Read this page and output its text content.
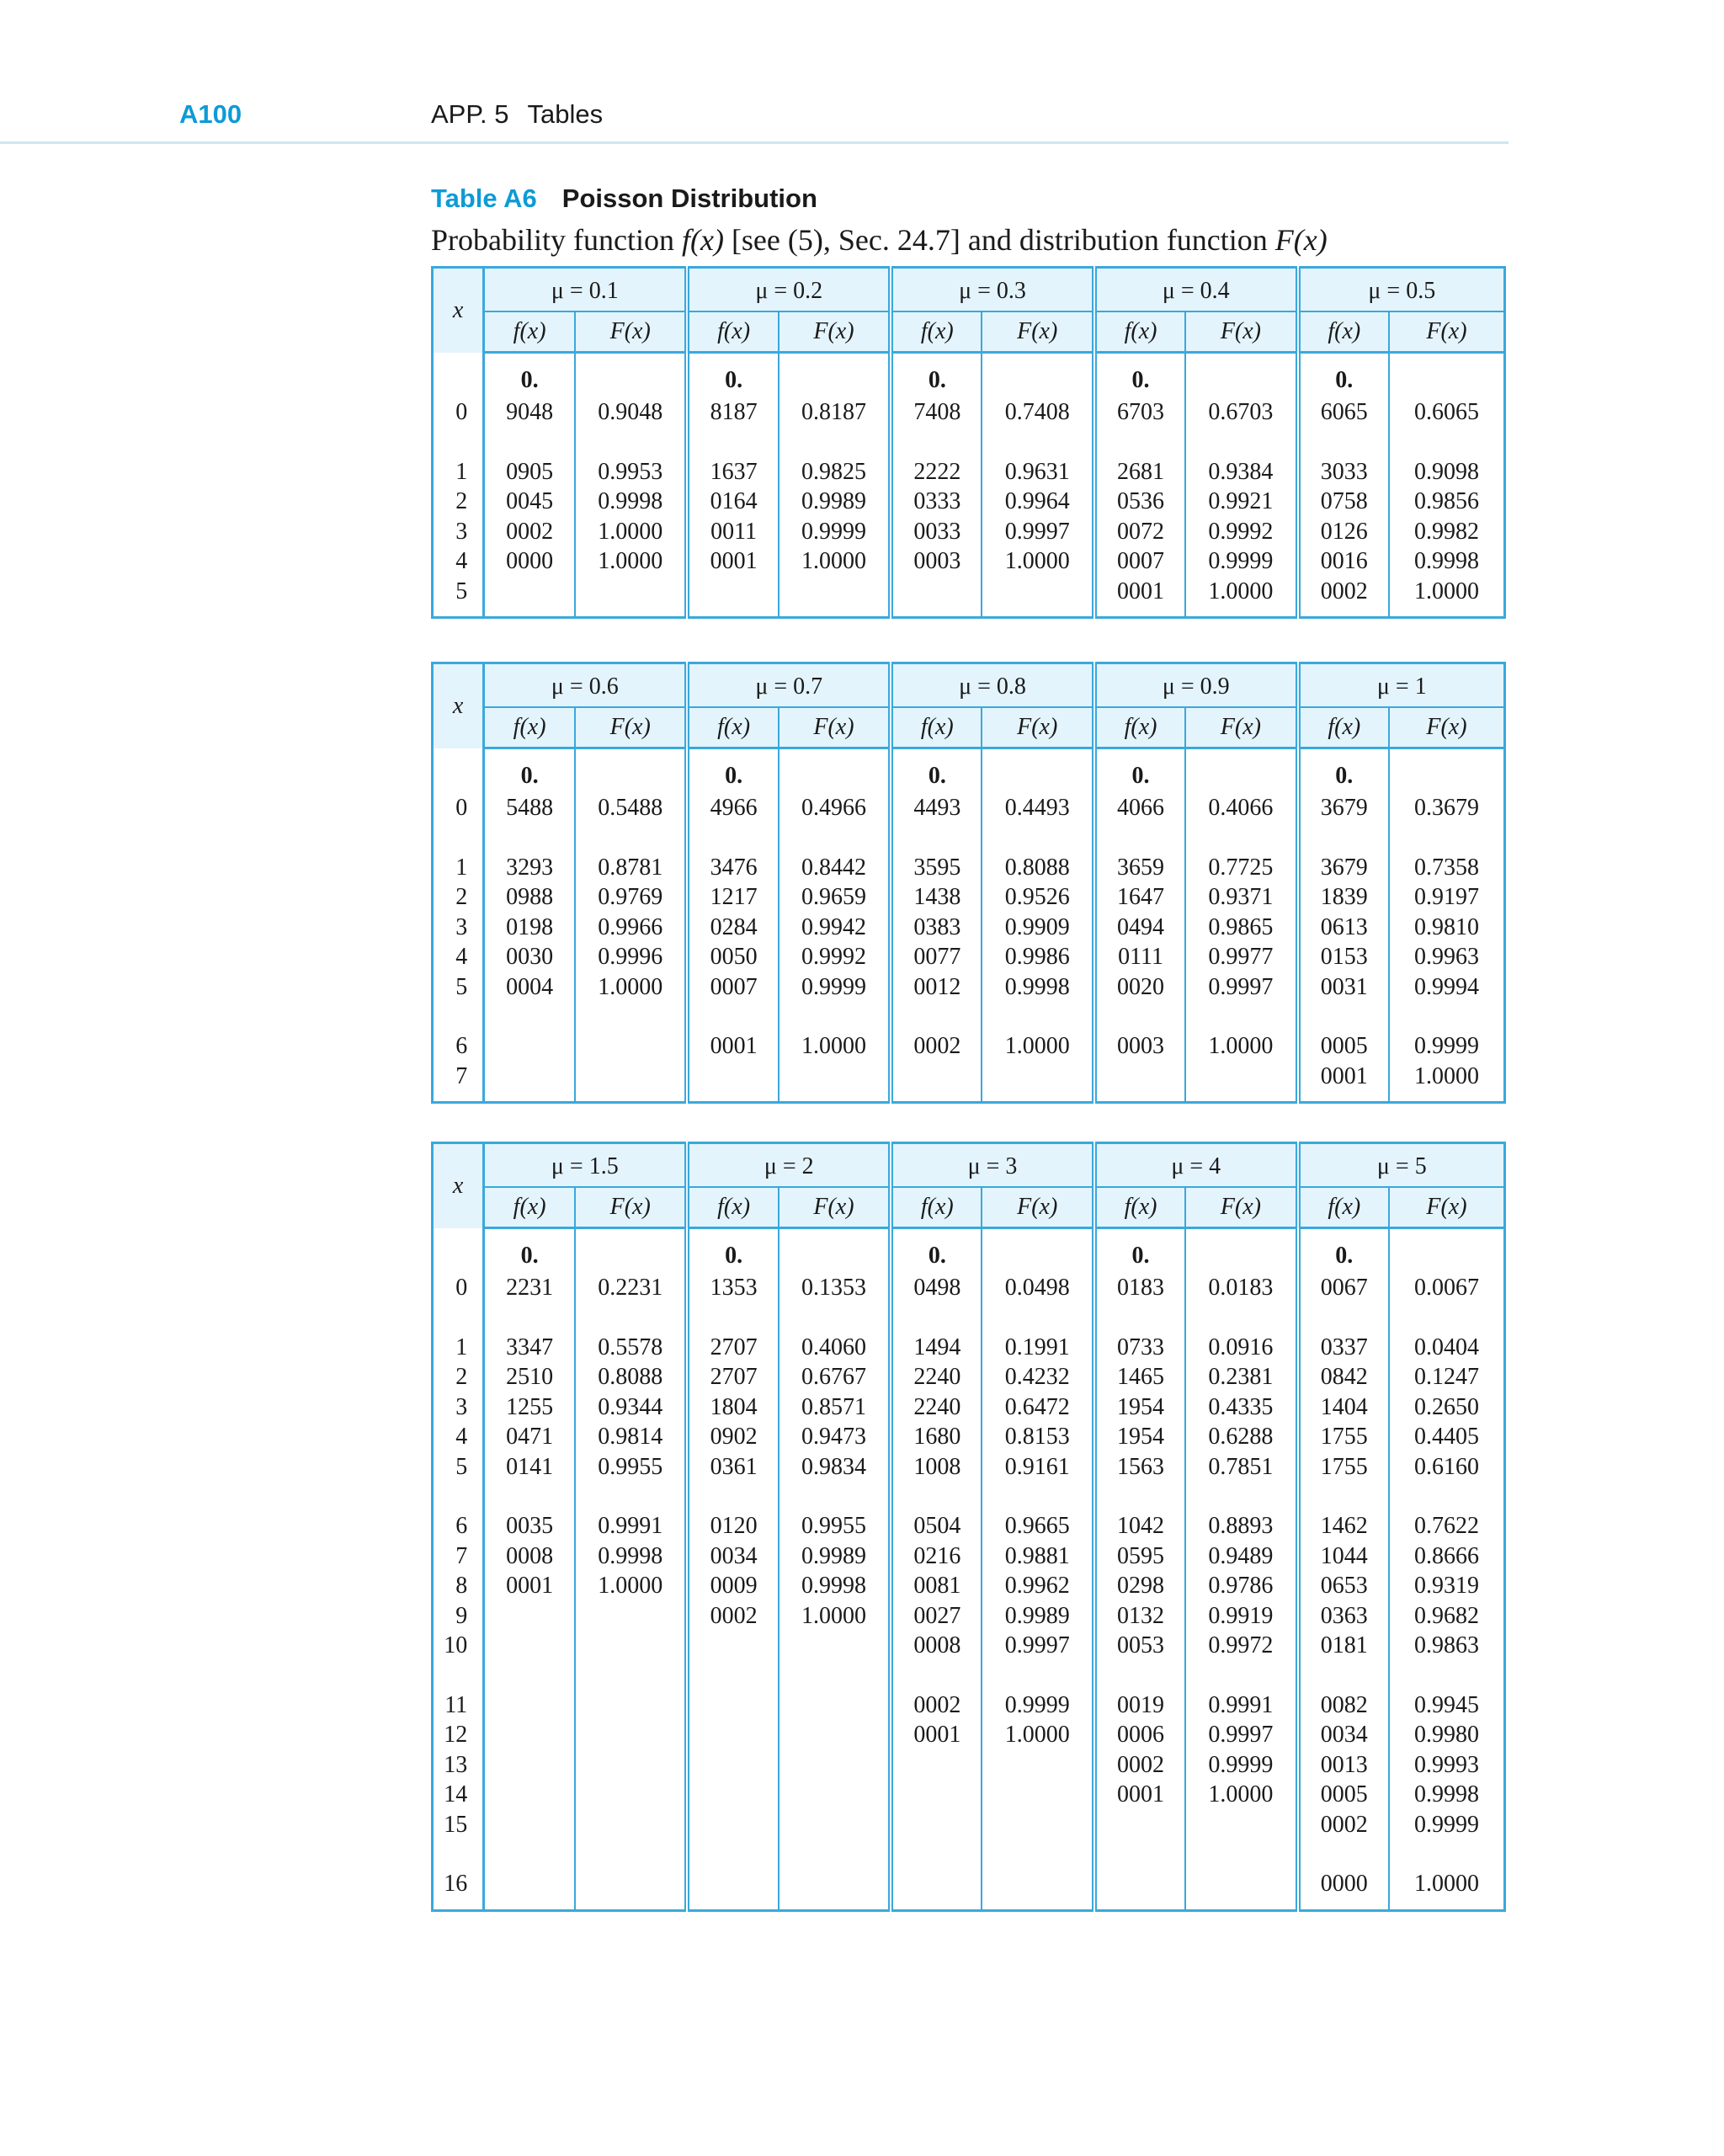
A100	APP. 5 Tables
Table A6 Poisson Distribution
Probability function f(x) [see (5), Sec. 24.7] and distribution function F(x)
x	μ = 0.1		μ = 0.2		μ = 0.3		μ = 0.4		μ = 0.5	
	f(x)	F(x)	f(x)	F(x)	f(x)	F(x)	f(x)	F(x)	f(x)	F(x)

	0.		0.		0.		0.		0.	
0	9048	0.9048	8187	0.8187	7408	0.7408	6703	0.6703	6065	0.6065

1	0905	0.9953	1637	0.9825	2222	0.9631	2681	0.9384	3033	0.9098
2	0045	0.9998	0164	0.9989	0333	0.9964	0536	0.9921	0758	0.9856
3	0002	1.0000	0011	0.9999	0033	0.9997	0072	0.9992	0126	0.9982
4	0000	1.0000	0001	1.0000	0003	1.0000	0007	0.9999	0016	0.9998
5							0001	1.0000	0002	1.0000

x	μ = 0.6		μ = 0.7		μ = 0.8		μ = 0.9		μ = 1	
	f(x)	F(x)	f(x)	F(x)	f(x)	F(x)	f(x)	F(x)	f(x)	F(x)

	0.		0.		0.		0.		0.	
0	5488	0.5488	4966	0.4966	4493	0.4493	4066	0.4066	3679	0.3679

1	3293	0.8781	3476	0.8442	3595	0.8088	3659	0.7725	3679	0.7358
2	0988	0.9769	1217	0.9659	1438	0.9526	1647	0.9371	1839	0.9197
3	0198	0.9966	0284	0.9942	0383	0.9909	0494	0.9865	0613	0.9810
4	0030	0.9996	0050	0.9992	0077	0.9986	0111	0.9977	0153	0.9963
5	0004	1.0000	0007	0.9999	0012	0.9998	0020	0.9997	0031	0.9994

6			0001	1.0000	0002	1.0000	0003	1.0000	0005	0.9999
7									0001	1.0000

x	μ = 1.5		μ = 2		μ = 3		μ = 4		μ = 5	
	f(x)	F(x)	f(x)	F(x)	f(x)	F(x)	f(x)	F(x)	f(x)	F(x)

	0.		0.		0.		0.		0.	
0	2231	0.2231	1353	0.1353	0498	0.0498	0183	0.0183	0067	0.0067

1	3347	0.5578	2707	0.4060	1494	0.1991	0733	0.0916	0337	0.0404
2	2510	0.8088	2707	0.6767	2240	0.4232	1465	0.2381	0842	0.1247
3	1255	0.9344	1804	0.8571	2240	0.6472	1954	0.4335	1404	0.2650
4	0471	0.9814	0902	0.9473	1680	0.8153	1954	0.6288	1755	0.4405
5	0141	0.9955	0361	0.9834	1008	0.9161	1563	0.7851	1755	0.6160

6	0035	0.9991	0120	0.9955	0504	0.9665	1042	0.8893	1462	0.7622
7	0008	0.9998	0034	0.9989	0216	0.9881	0595	0.9489	1044	0.8666
8	0001	1.0000	0009	0.9998	0081	0.9962	0298	0.9786	0653	0.9319
9			0002	1.0000	0027	0.9989	0132	0.9919	0363	0.9682
10					0008	0.9997	0053	0.9972	0181	0.9863

11					0002	0.9999	0019	0.9991	0082	0.9945
12					0001	1.0000	0006	0.9997	0034	0.9980
13							0002	0.9999	0013	0.9993
14							0001	1.0000	0005	0.9998
15									0002	0.9999

16									0000	1.0000
